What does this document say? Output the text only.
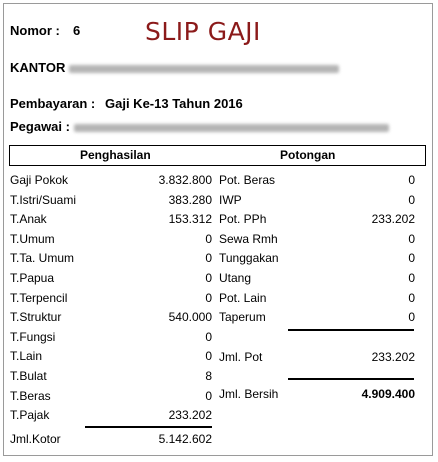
Nomor : 6	SLIP GAJI
KANTOR
Pembayaran : Gaji Ke-13 Tahun 2016
Pegawai :
Penghasilan	Potongan
Gaji Pokok	3.832.800
T.Istri/Suami	383.280
T.Anak	153.312
T.Umum	0
T.Ta. Umum	0
T.Papua	0
T.Terpencil	0
T.Struktur	540.000
T.Fungsi	0
T.Lain	0
T.Bulat	8
T.Beras	0
T.Pajak	233.202
Pot. Beras	0
IWP	0
Pot. PPh	233.202
Sewa Rmh	0
Tunggakan	0
Utang	0
Pot. Lain	0
Taperum	0
Jml. Pot	233.202
Jml. Bersih	4.909.400
Jml.Kotor	5.142.602
